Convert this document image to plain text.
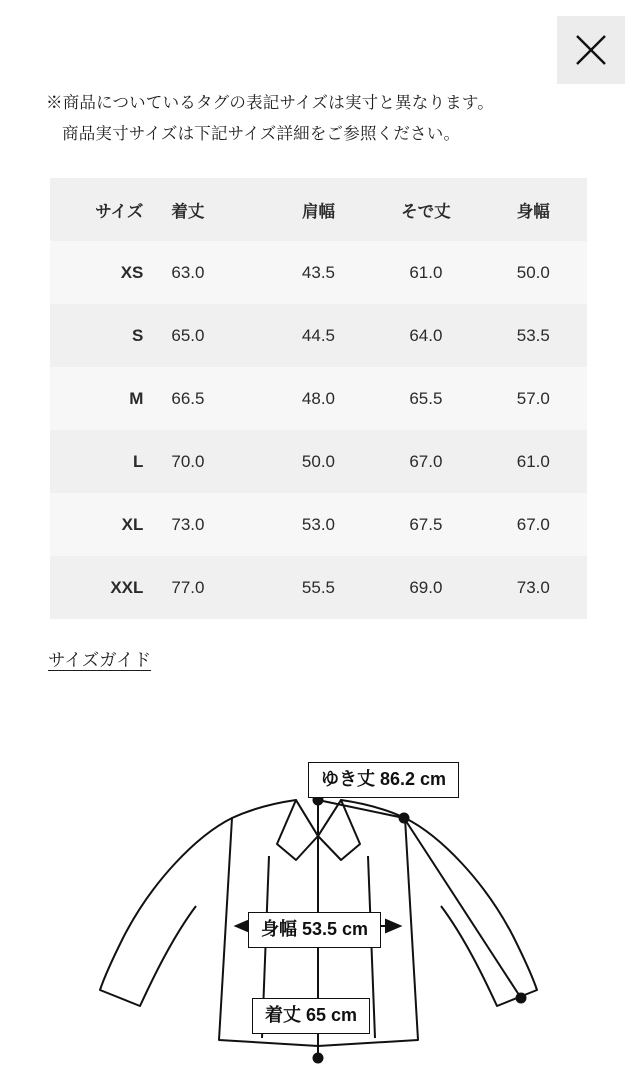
※商品についているタグの表記サイズは実寸と異なります。
商品実寸サイズは下記サイズ詳細をご参照ください。
サイズ	着丈	肩幅	そで丈	身幅
XS	63.0	43.5	61.0	50.0
S	65.0	44.5	64.0	53.5
M	66.5	48.0	65.5	57.0
L	70.0	50.0	67.0	61.0
XL	73.0	53.0	67.5	67.0
XXL	77.0	55.5	69.0	73.0
サイズガイド
ゆき丈 86.2 cm
身幅 53.5 cm
着丈 65 cm
